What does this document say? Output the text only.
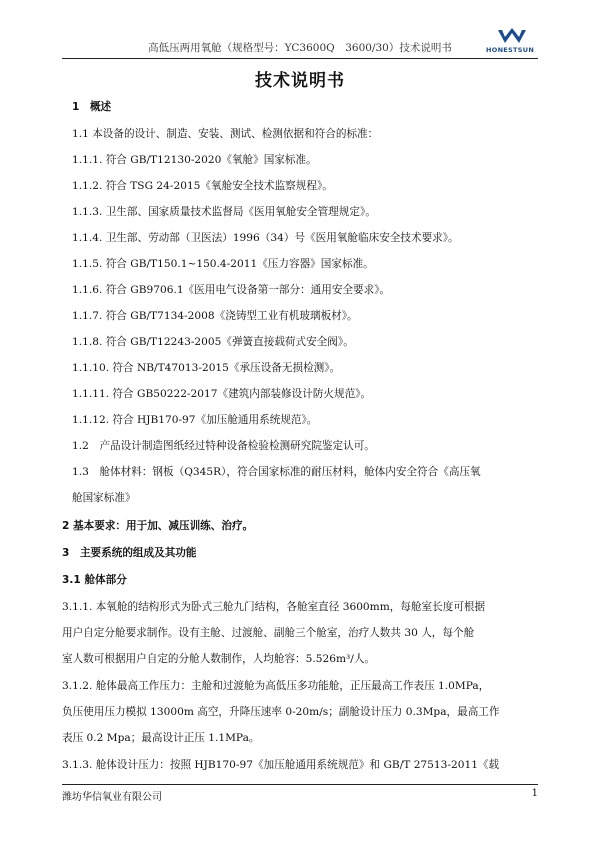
高低压两用氧舱（规格型号：YC3600Q　3600/30）技术说明书	HONESTSUN
技术说明书
1　概述
1.1 本设备的设计、制造、安装、测试、检测依据和符合的标准：
1.1.1. 符合 GB/T12130-2020《氧舱》国家标准。
1.1.2. 符合 TSG 24-2015《氧舱安全技术监察规程》。
1.1.3. 卫生部、国家质量技术监督局《医用氧舱安全管理规定》。
1.1.4. 卫生部、劳动部（卫医法）1996（34）号《医用氧舱临床安全技术要求》。
1.1.5. 符合 GB/T150.1~150.4-2011《压力容器》国家标准。
1.1.6. 符合 GB9706.1《医用电气设备第一部分：通用安全要求》。
1.1.7. 符合 GB/T7134-2008《浇铸型工业有机玻璃板材》。
1.1.8. 符合 GB/T12243-2005《弹簧直接载荷式安全阀》。
1.1.10. 符合 NB/T47013-2015《承压设备无损检测》。
1.1.11. 符合 GB50222-2017《建筑内部装修设计防火规范》。
1.1.12. 符合 HJB170-97《加压舱通用系统规范》。
1.2　产品设计制造图纸经过特种设备检验检测研究院鉴定认可。
1.3　舱体材料：钢板（Q345R），符合国家标准的耐压材料，舱体内安全符合《高压氧
舱国家标准》
2 基本要求：用于加、减压训练、治疗。
3　主要系统的组成及其功能
3.1 舱体部分
3.1.1. 本氧舱的结构形式为卧式三舱九门结构，各舱室直径 3600mm，每舱室长度可根据
用户自定分舱要求制作。设有主舱、过渡舱、副舱三个舱室，治疗人数共 30 人，每个舱
室人数可根据用户自定的分舱人数制作，人均舱容：5.526m³/人。
3.1.2. 舱体最高工作压力：主舱和过渡舱为高低压多功能舱，正压最高工作表压 1.0MPa，
负压使用压力模拟 13000m 高空，升降压速率 0-20m/s；副舱设计压力 0.3Mpa，最高工作
表压 0.2 Mpa；最高设计正压 1.1MPa。
3.1.3. 舱体设计压力：按照 HJB170-97《加压舱通用系统规范》和 GB/T 27513-2011《载
潍坊华信氧业有限公司	1
